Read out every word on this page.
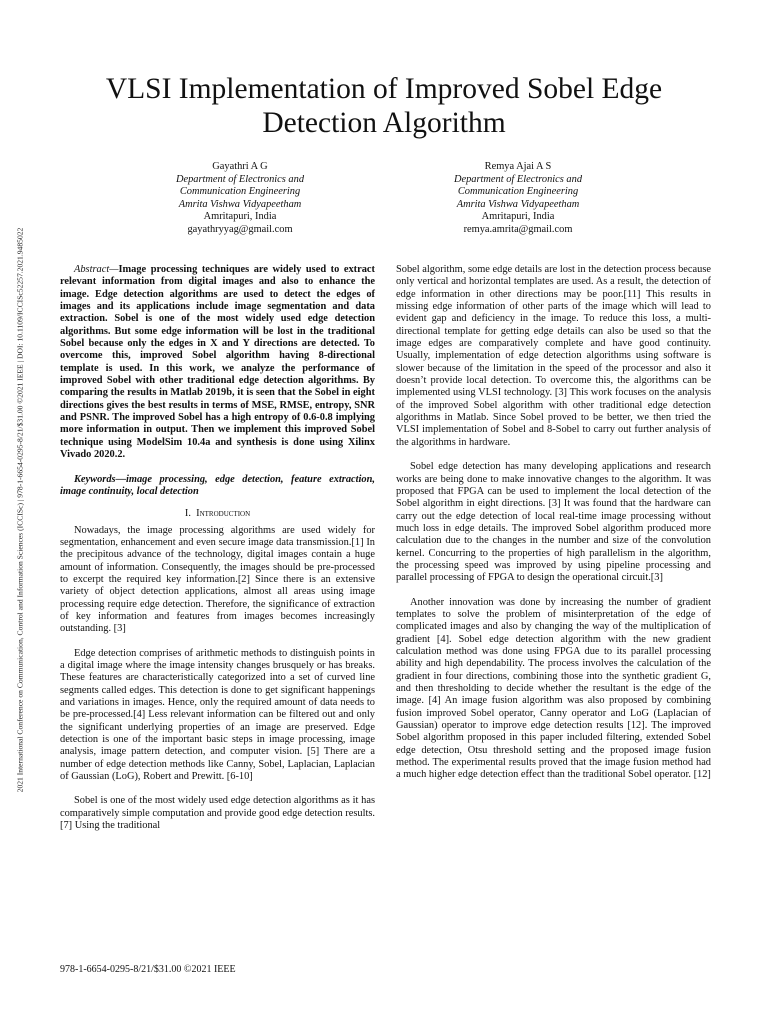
2021 International Conference on Communication, Control and Information Sciences (ICCISc) | 978-1-6654-0295-8/21/$31.00 ©2021 IEEE | DOI: 10.1109/ICCISc52257.2021.9485022
VLSI Implementation of Improved Sobel Edge Detection Algorithm
Gayathri A G
Department of Electronics and
Communication Engineering
Amrita Vishwa Vidyapeetham
Amritapuri, India
gayathryyag@gmail.com
Remya Ajai A S
Department of Electronics and
Communication Engineering
Amrita Vishwa Vidyapeetham
Amritapuri, India
remya.amrita@gmail.com

Abstract—Image processing techniques are widely used to extract relevant information from digital images and also to enhance the image. Edge detection algorithms are used to detect the edges of images and its applications include image segmentation and data extraction. Sobel is one of the most widely used edge detection algorithms. But some edge information will be lost in the traditional Sobel because only the edges in X and Y directions are detected. To overcome this, improved Sobel algorithm having 8-directional template is used. In this work, we analyze the performance of improved Sobel with other traditional edge detection algorithms. By comparing the results in Matlab 2019b, it is seen that the Sobel in eight directions gives the best results in terms of MSE, RMSE, entropy, SNR and PSNR. The improved Sobel has a high entropy of 0.6-0.8 implying more information in output. Then we implement this improved Sobel technique using ModelSim 10.4a and synthesis is done using Xilinx Vivado 2020.2.

Keywords—image processing, edge detection, feature extraction, image continuity, local detection

I. Introduction

Nowadays, the image processing algorithms are used widely for segmentation, enhancement and even secure image data transmission.[1] In the precipitous advance of the technology, digital images contain a huge amount of information. Consequently, the images should be pre-processed to excerpt the required key information.[2] Since there is an extensive variety of object detection applications, almost all areas using image processing require edge detection. Therefore, the significance of extraction of key information and features from images becomes increasingly outstanding. [3]

Edge detection comprises of arithmetic methods to distinguish points in a digital image where the image intensity changes brusquely or has breaks. These features are characteristically categorized into a set of curved line segments called edges. This detection is done to get significant happenings and variations in images. Hence, only the required amount of data needs to be pre-processed.[4] Less relevant information can be filtered out and only the significant underlying properties of an image are preserved. Edge detection is one of the important basic steps in image processing, image analysis, image pattern detection, and computer vision. [5] There are a number of edge detection methods like Canny, Sobel, Laplacian, Laplacian of Gaussian (LoG), Robert and Prewitt. [6-10]

Sobel is one of the most widely used edge detection algorithms as it has comparatively simple computation and provide good edge detection results. [7] Using the traditional

Sobel algorithm, some edge details are lost in the detection process because only vertical and horizontal templates are used. As a result, the detection of edge information in other directions may be poor.[11] This results in missing edge information of other parts of the image which will lead to evident gap and deficiency in the image. To reduce this loss, a multi-directional template for getting edge details can also be used so that the image edges are comparatively complete and have good continuity. Usually, implementation of edge detection algorithms using software is slower because of the limitation in the speed of the processor and also it doesn’t provide local detection. To overcome this, the algorithms can be implemented using VLSI technology. [3] This work focuses on the analysis of the improved Sobel algorithm with other traditional edge detection algorithms in Matlab. Since Sobel proved to be better, we then tried the VLSI implementation of Sobel and 8-Sobel to carry out further analysis of the algorithms in hardware.

Sobel edge detection has many developing applications and research works are being done to make innovative changes to the algorithm. It was proposed that FPGA can be used to implement the local detection of the Sobel algorithm in eight directions. [3] It was found that the hardware can carry out the edge detection of local real-time image processing without much loss in edge details. The improved Sobel algorithm produced more calculation due to the changes in the number and size of the convolution kernel. Concurring to the properties of high parallelism in the algorithm, the processing speed was improved by using pipeline processing and parallel processing of FPGA to design the operational circuit.[3]

Another innovation was done by increasing the number of gradient templates to solve the problem of misinterpretation of the edge of complicated images and also by changing the way of the multiplication of gradient [4]. Sobel edge detection algorithm with the new gradient calculation method was done using FPGA due to its parallel processing ability and high dependability. The process involves the calculation of the gradient in four directions, combining those into the synthetic gradient G, and then thresholding to decide whether the resultant is the edge of the image. [4] An image fusion algorithm was also proposed by combining fusion improved Sobel operator, Canny operator and LoG (Laplacian of Gaussian) operator to improve edge detection results [12]. The improved Sobel algorithm proposed in this paper included filtering, extended Sobel edge detection, Otsu threshold setting and the proposed image fusion method. The experimental results proved that the image fusion method had a much higher edge detection effect than the traditional Sobel operator. [12]

978-1-6654-0295-8/21/$31.00 ©2021 IEEE
